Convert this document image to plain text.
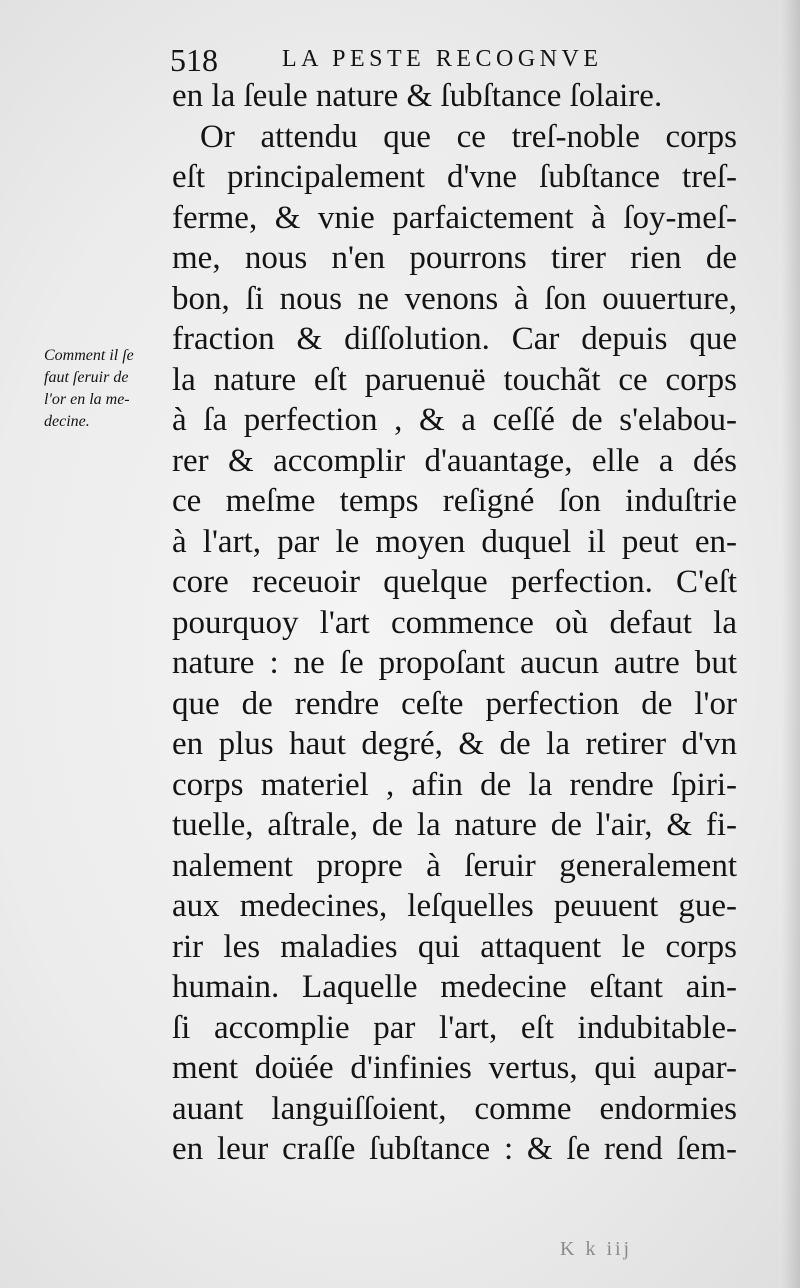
518	LA PESTE RECOGNVE
Comment il ſe
faut ſeruir de
l'or en la me-
decine.
en la ſeule nature & ſubſtance ſolaire.
Or attendu que ce treſ-noble corps
eſt principalement d'vne ſubſtance treſ-
ferme, & vnie parfaictement à ſoy-meſ-
me, nous n'en pourrons tirer rien de
bon, ſi nous ne venons à ſon ouuerture,
fraction & diſſolution. Car depuis que
la nature eſt paruenuë touchãt ce corps
à ſa perfection , & a ceſſé de s'elabou-
rer & accomplir d'auantage, elle a dés
ce meſme temps reſigné ſon induſtrie
à l'art, par le moyen duquel il peut en-
core receuoir quelque perfection. C'eſt
pourquoy l'art commence où defaut la
nature : ne ſe propoſant aucun autre but
que de rendre ceſte perfection de l'or
en plus haut degré, & de la retirer d'vn
corps materiel , afin de la rendre ſpiri-
tuelle, aſtrale, de la nature de l'air, & fi-
nalement propre à ſeruir generalement
aux medecines, leſquelles peuuent gue-
rir les maladies qui attaquent le corps
humain. Laquelle medecine eſtant ain-
ſi accomplie par l'art, eſt indubitable-
ment doüée d'infinies vertus, qui aupar-
auant languiſſoient, comme endormies
en leur craſſe ſubſtance : & ſe rend ſem-
K k iij
